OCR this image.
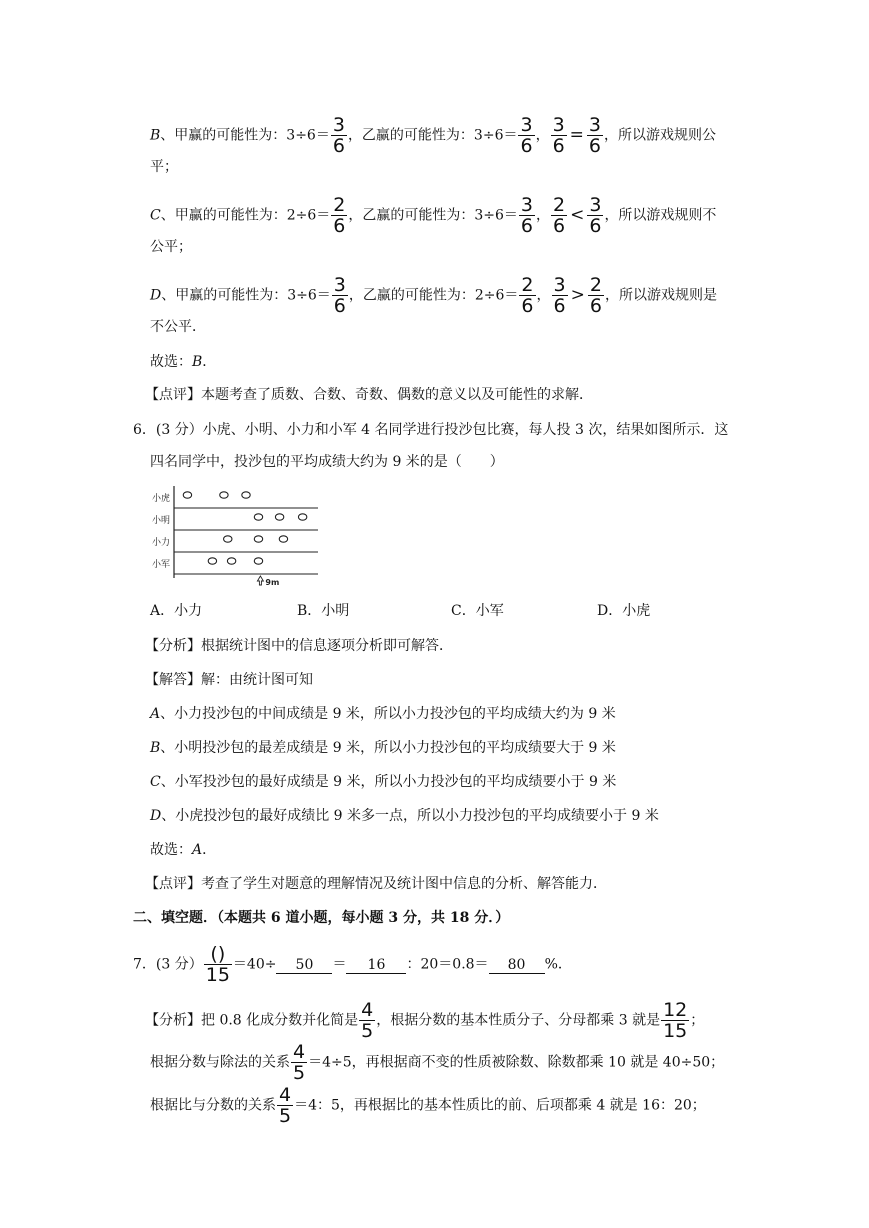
B、甲赢的可能性为：$3\div 6= \frac{3}{6}$ ，乙赢的可能性为：$3\div 6= \frac{3}{6}$ ， $\frac{3}{6} = \frac{3}{6}$ ，所以游戏规则公
平；
C、甲赢的可能性为：$2\div 6= \frac{2}{6}$ ，乙赢的可能性为：$3\div 6= \frac{3}{6}$ ， $\frac{2}{6} < \frac{3}{6}$ ，所以游戏规则不
公平；
D、甲赢的可能性为：$3\div 6= \frac{3}{6}$ ，乙赢的可能性为：$2\div 6= \frac{2}{6}$ ， $\frac{3}{6} > \frac{2}{6}$ ，所以游戏规则是
不公平．
故选：B．
【点评】本题考查了质数、合数、奇数、偶数的意义以及可能性的求解．
6．(3 分）小虎、小明、小力和小军 4 名同学进行投沙包比赛，每人投 3 次，结果如图所示．这
四名同学中，投沙包的平均成绩大约为 9 米的是（　　）
小虎
小明
小力
小军
9m
A．小力	B．小明	C．小军	D．小虎
【分析】根据统计图中的信息逐项分析即可解答．
【解答】解：由统计图可知
A、小力投沙包的中间成绩是 9 米，所以小力投沙包的平均成绩大约为 9 米
B、小明投沙包的最差成绩是 9 米，所以小力投沙包的平均成绩要大于 9 米
C、小军投沙包的最好成绩是 9 米，所以小力投沙包的平均成绩要小于 9 米
D、小虎投沙包的最好成绩比 9 米多一点，所以小力投沙包的平均成绩要小于 9 米
故选：A．
【点评】考查了学生对题意的理解情况及统计图中信息的分析、解答能力．
二、填空题．（本题共 6 道小题，每小题 3 分，共 18 分．）
7．(3 分） $\frac{()}{15} =40\div 50 = 16$ ：20＝0.8＝ 80 %．
【分析】把 0.8 化成分数并化简是 $\frac{4}{5}$ ，根据分数的基本性质分子、分母都乘 3 就是 $\frac{12}{15}$ ；
根据分数与除法的关系 $\frac{4}{5} =4\div 5$，再根据商不变的性质被除数、除数都乘 10 就是 40÷50；
根据比与分数的关系 $\frac{4}{5} =4$：5，再根据比的基本性质比的前、后项都乘 4 就是 16：20；
